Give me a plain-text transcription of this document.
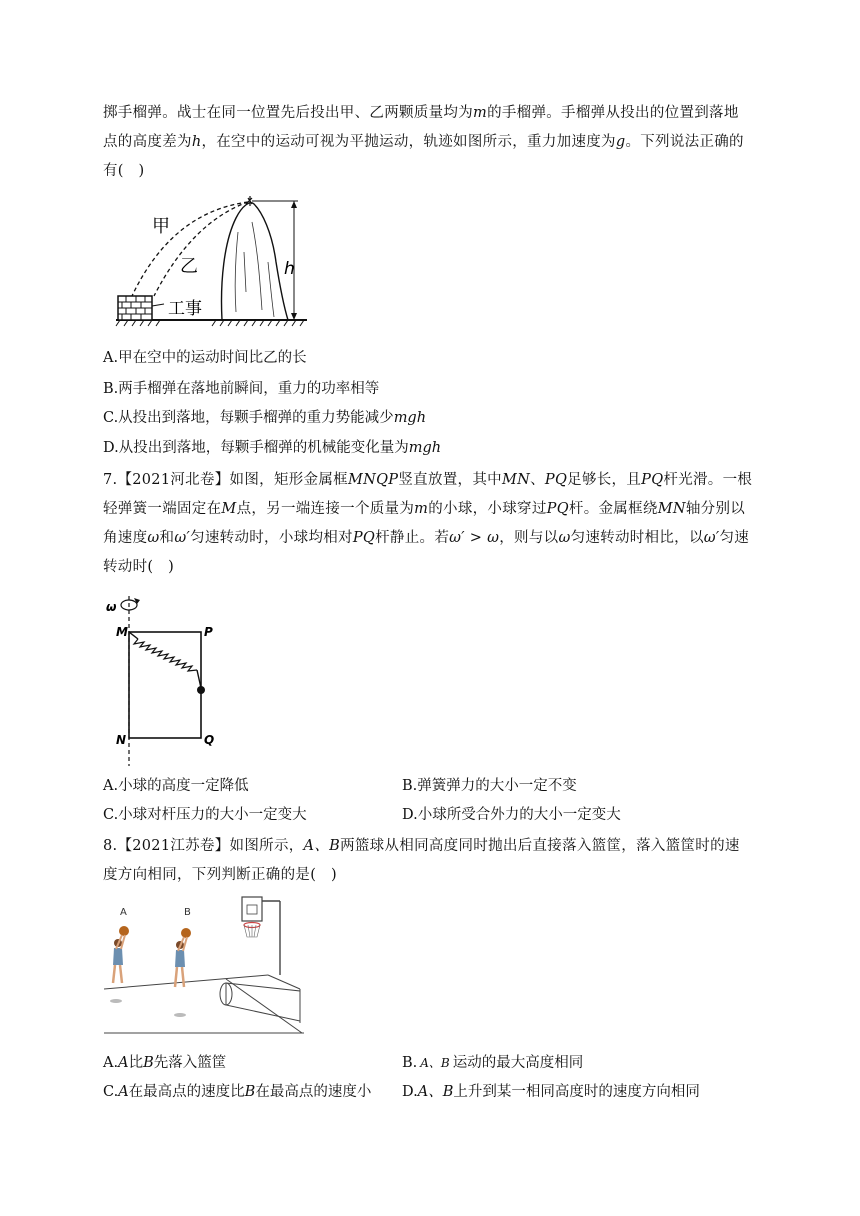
掷手榴弹。战士在同一位置先后投出甲、乙两颗质量均为m的手榴弹。手榴弹从投出的位置到落地点的高度差为h，在空中的运动可视为平抛运动，轨迹如图所示，重力加速度为g。下列说法正确的有(　)
工事
甲
乙	h
A.甲在空中的运动时间比乙的长
B.两手榴弹在落地前瞬间，重力的功率相等
C.从投出到落地，每颗手榴弹的重力势能减少mgh
D.从投出到落地，每颗手榴弹的机械能变化量为mgh
7.【2021河北卷】如图，矩形金属框MNQP竖直放置，其中MN、PQ足够长，且PQ杆光滑。一根轻弹簧一端固定在M点，另一端连接一个质量为m的小球，小球穿过PQ杆。金属框绕MN轴分别以角速度ω和ω′匀速转动时，小球均相对PQ杆静止。若ω′ > ω，则与以ω匀速转动时相比，以ω′匀速转动时(　)
ω
M	P
N	Q
A.小球的高度一定降低	B.弹簧弹力的大小一定不变
C.小球对杆压力的大小一定变大	D.小球所受合外力的大小一定变大
8.【2021江苏卷】如图所示，A、B两篮球从相同高度同时抛出后直接落入篮筐，落入篮筐时的速度方向相同，下列判断正确的是(　)
A	B
A.A比B先落入篮筐	B. A、B 运动的最大高度相同
C.A在最高点的速度比B在最高点的速度小 D.A、B上升到某一相同高度时的速度方向相同
